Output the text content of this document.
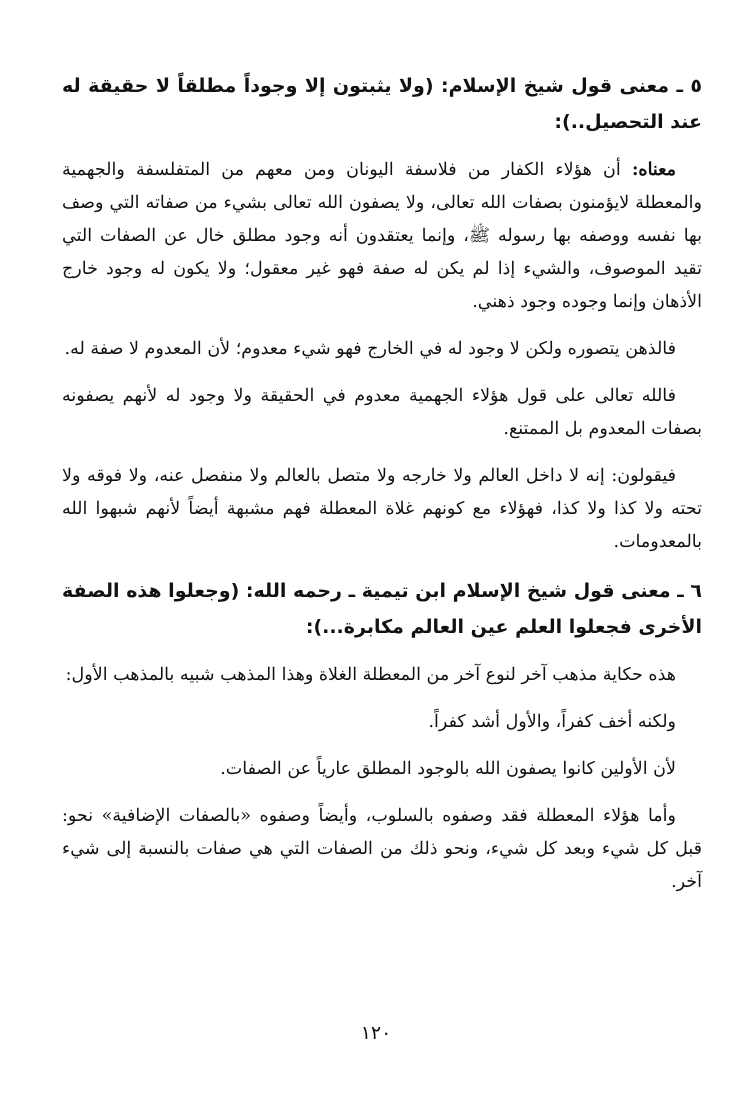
٥ ـ معنى قول شيخ الإسلام: (ولا يثبتون إلا وجوداً مطلقاً لا حقيقة له عند التحصيل..):
معناه: أن هؤلاء الكفار من فلاسفة اليونان ومن معهم من المتفلسفة والجهمية والمعطلة لايؤمنون بصفات الله تعالى، ولا يصفون الله تعالى بشيء من صفاته التي وصف بها نفسه ووصفه بها رسوله ﷺ، وإنما يعتقدون أنه وجود مطلق خال عن الصفات التي تقيد الموصوف، والشيء إذا لم يكن له صفة فهو غير معقول؛ ولا يكون له وجود خارج الأذهان وإنما وجوده وجود ذهني.
فالذهن يتصوره ولكن لا وجود له في الخارج فهو شيء معدوم؛ لأن المعدوم لا صفة له.
فالله تعالى على قول هؤلاء الجهمية معدوم في الحقيقة ولا وجود له لأنهم يصفونه بصفات المعدوم بل الممتنع.
فيقولون: إنه لا داخل العالم ولا خارجه ولا متصل بالعالم ولا منفصل عنه، ولا فوقه ولا تحته ولا كذا ولا كذا، فهؤلاء مع كونهم غلاة المعطلة فهم مشبهة أيضاً لأنهم شبهوا الله بالمعدومات.
٦ ـ معنى قول شيخ الإسلام ابن تيمية ـ رحمه الله: (وجعلوا هذه الصفة الأخرى فجعلوا العلم عين العالم مكابرة...):
هذه حكاية مذهب آخر لنوع آخر من المعطلة الغلاة وهذا المذهب شبيه بالمذهب الأول:
ولكنه أخف كفراً، والأول أشد كفراً.
لأن الأولين كانوا يصفون الله بالوجود المطلق عارياً عن الصفات.
وأما هؤلاء المعطلة فقد وصفوه بالسلوب، وأيضاً وصفوه «بالصفات الإضافية» نحو: قبل كل شيء وبعد كل شيء، ونحو ذلك من الصفات التي هي صفات بالنسبة إلى شيء آخر.
١٢٠
